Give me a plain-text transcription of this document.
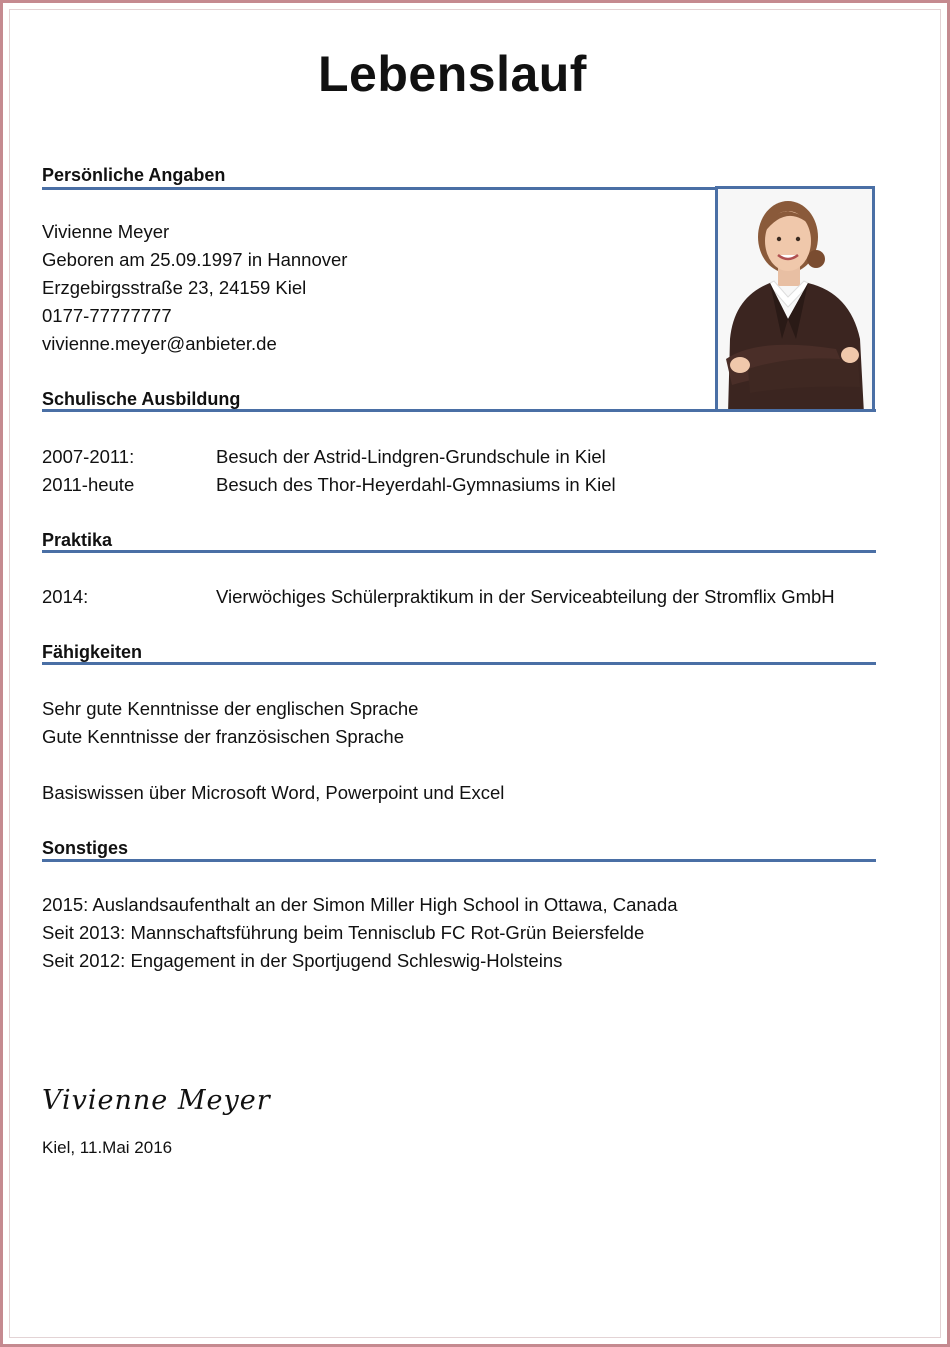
Lebenslauf
Persönliche Angaben
Vivienne Meyer
Geboren am 25.09.1997 in Hannover
Erzgebirgsstraße 23, 24159 Kiel
0177-77777777
vivienne.meyer@anbieter.de
Schulische Ausbildung
2007-2011:	Besuch der Astrid-Lindgren-Grundschule in Kiel
2011-heute	Besuch des Thor-Heyerdahl-Gymnasiums in Kiel
Praktika
2014:	Vierwöchiges Schülerpraktikum in der Serviceabteilung der Stromflix GmbH
Fähigkeiten
Sehr gute Kenntnisse der englischen Sprache
Gute Kenntnisse der französischen Sprache
Basiswissen über Microsoft Word, Powerpoint und Excel
Sonstiges
2015: Auslandsaufenthalt an der Simon Miller High School in Ottawa, Canada
Seit 2013: Mannschaftsführung beim Tennisclub FC Rot-Grün Beiersfelde
Seit 2012: Engagement in der Sportjugend Schleswig-Holsteins
Vivienne Meyer
Kiel, 11.Mai 2016
